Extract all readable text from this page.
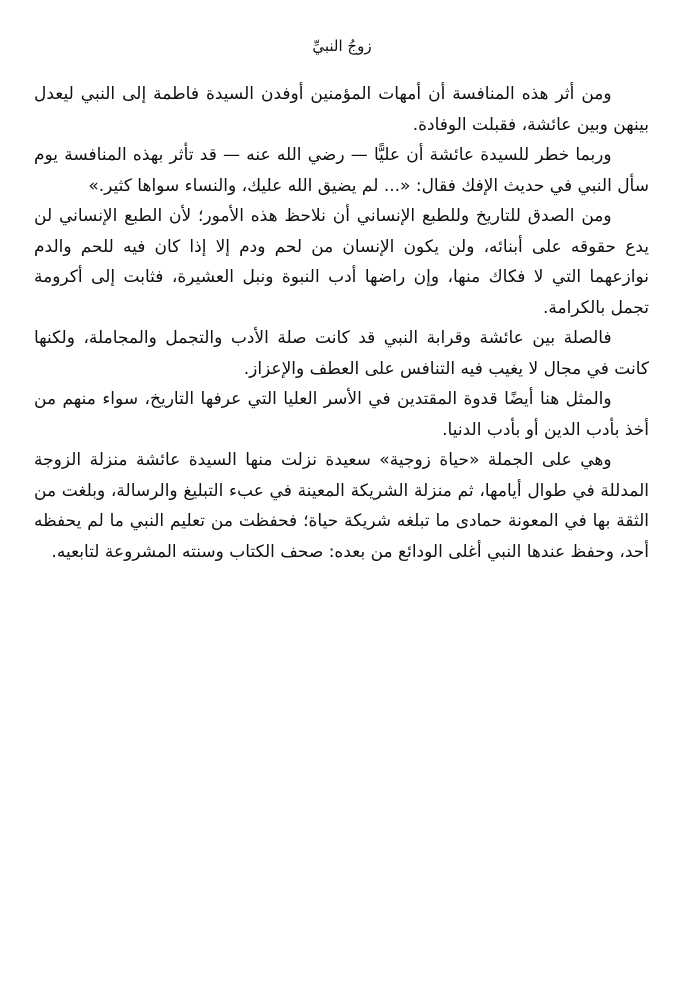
زوجُ النبيِّ

ومن أثر هذه المنافسة أن أمهات المؤمنين أوفدن السيدة فاطمة إلى النبي ليعدل بينهن وبين عائشة، فقبلت الوفادة.

وربما خطر للسيدة عائشة أن عليًّا — رضي الله عنه — قد تأثر بهذه المنافسة يوم سأل النبي في حديث الإفك فقال: «... لم يضيق الله عليك، والنساء سواها كثير.»

ومن الصدق للتاريخ وللطبع الإنساني أن نلاحظ هذه الأمور؛ لأن الطبع الإنساني لن يدع حقوقه على أبنائه، ولن يكون الإنسان من لحم ودم إلا إذا كان فيه للحم والدم نوازعهما التي لا فكاك منها، وإن راضها أدب النبوة ونبل العشيرة، فثابت إلى أكرومة تجمل بالكرامة.

فالصلة بين عائشة وقرابة النبي قد كانت صلة الأدب والتجمل والمجاملة، ولكنها كانت في مجال لا يغيب فيه التنافس على العطف والإعزاز.

والمثل هنا أيضًا قدوة المقتدين في الأسر العليا التي عرفها التاريخ، سواء منهم من أخذ بأدب الدين أو بأدب الدنيا.

وهي على الجملة «حياة زوجية» سعيدة نزلت منها السيدة عائشة منزلة الزوجة المدللة في طوال أيامها، ثم منزلة الشريكة المعينة في عبء التبليغ والرسالة، وبلغت من الثقة بها في المعونة حمادى ما تبلغه شريكة حياة؛ فحفظت من تعليم النبي ما لم يحفظه أحد، وحفظ عندها النبي أغلى الودائع من بعده: صحف الكتاب وسنته المشروعة لتابعيه.
